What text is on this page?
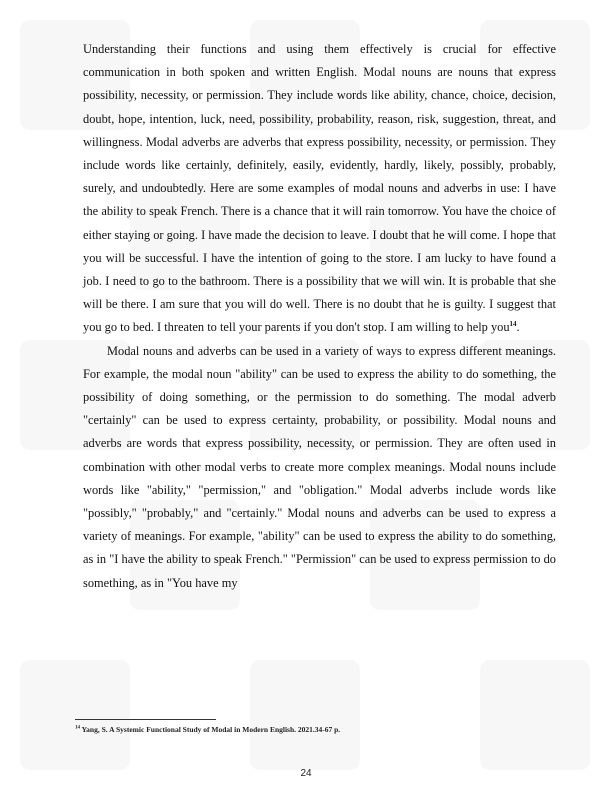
Understanding their functions and using them effectively is crucial for effective communication in both spoken and written English. Modal nouns are nouns that express possibility, necessity, or permission. They include words like ability, chance, choice, decision, doubt, hope, intention, luck, need, possibility, probability, reason, risk, suggestion, threat, and willingness. Modal adverbs are adverbs that express possibility, necessity, or permission. They include words like certainly, definitely, easily, evidently, hardly, likely, possibly, probably, surely, and undoubtedly. Here are some examples of modal nouns and adverbs in use: I have the ability to speak French. There is a chance that it will rain tomorrow. You have the choice of either staying or going. I have made the decision to leave. I doubt that he will come. I hope that you will be successful. I have the intention of going to the store. I am lucky to have found a job. I need to go to the bathroom. There is a possibility that we will win. It is probable that she will be there. I am sure that you will do well. There is no doubt that he is guilty. I suggest that you go to bed. I threaten to tell your parents if you don't stop. I am willing to help you$^{14}$.

Modal nouns and adverbs can be used in a variety of ways to express different meanings. For example, the modal noun "ability" can be used to express the ability to do something, the possibility of doing something, or the permission to do something. The modal adverb "certainly" can be used to express certainty, probability, or possibility. Modal nouns and adverbs are words that express possibility, necessity, or permission. They are often used in combination with other modal verbs to create more complex meanings. Modal nouns include words like "ability," "permission," and "obligation." Modal adverbs include words like "possibly," "probably," and "certainly." Modal nouns and adverbs can be used to express a variety of meanings. For example, "ability" can be used to express the ability to do something, as in "I have the ability to speak French." "Permission" can be used to express permission to do something, as in "You have my

$^{14}$ Yang, S. A Systemic Functional Study of Modal in Modern English. 2021.34-67 p.
24
